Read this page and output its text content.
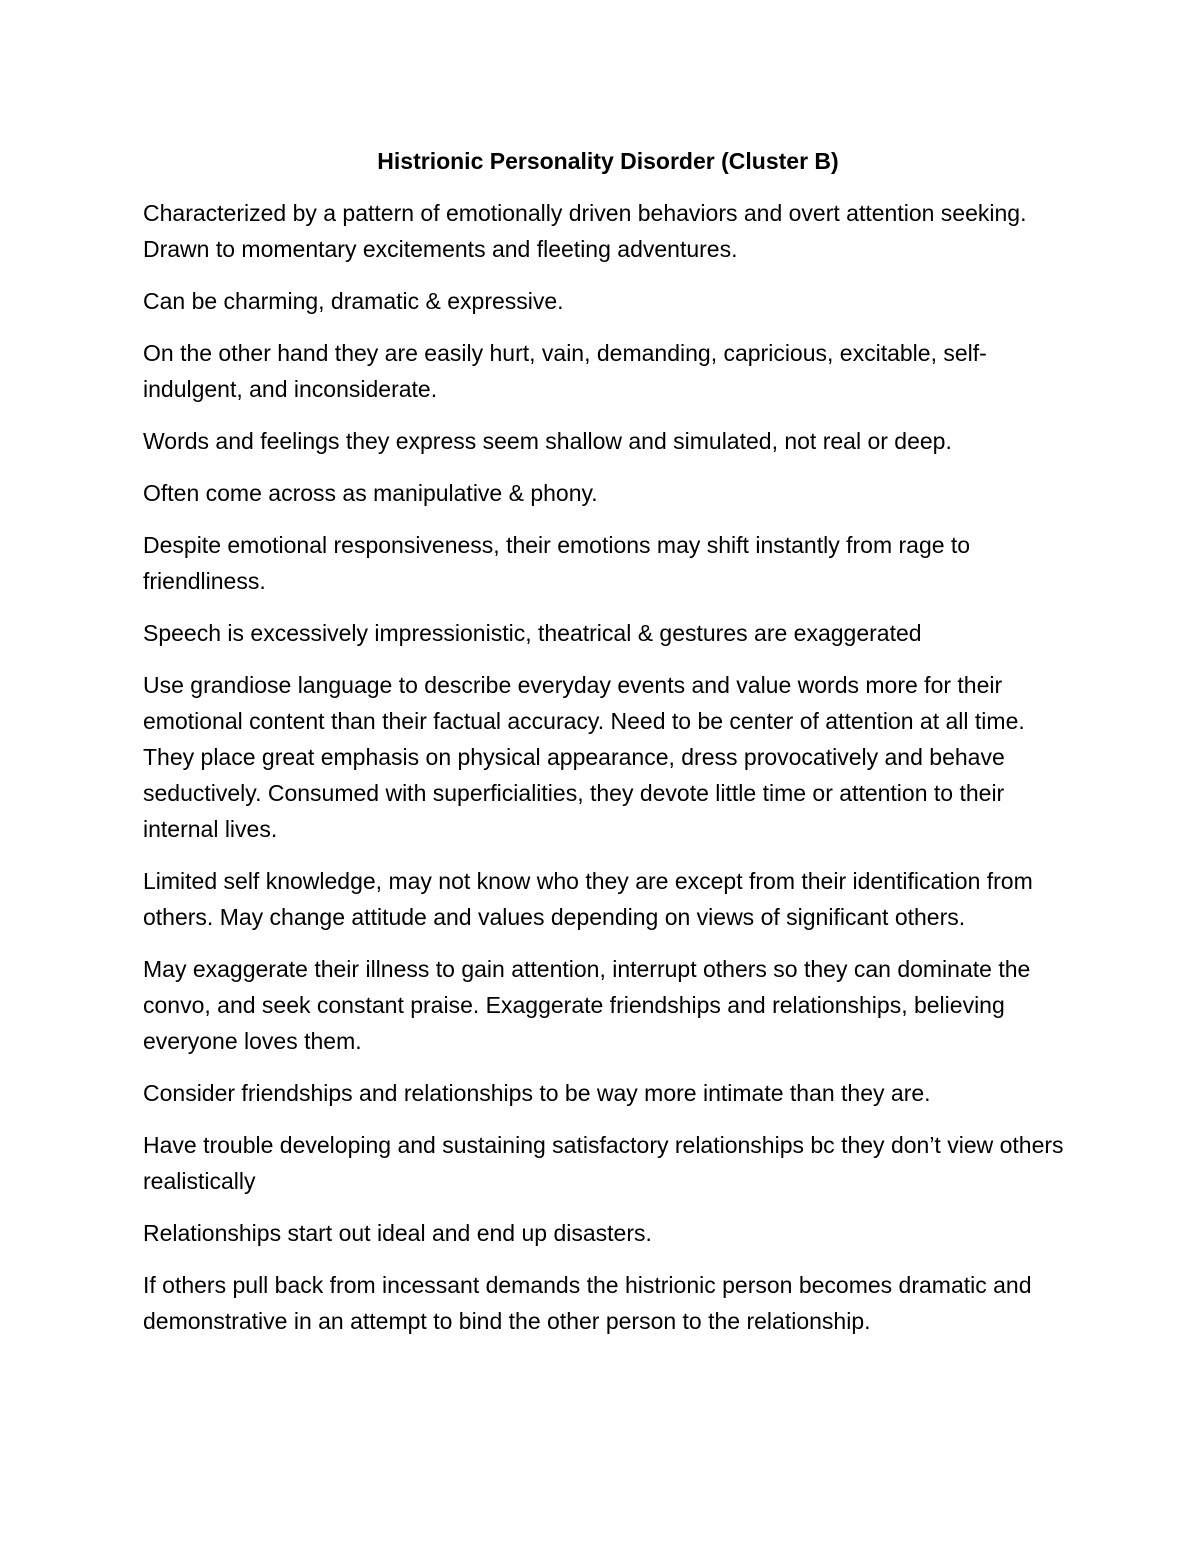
Histrionic Personality Disorder (Cluster B)

Characterized by a pattern of emotionally driven behaviors and overt attention seeking. Drawn to momentary excitements and fleeting adventures.

Can be charming, dramatic & expressive.

On the other hand they are easily hurt, vain, demanding, capricious, excitable, self-indulgent, and inconsiderate.

Words and feelings they express seem shallow and simulated, not real or deep.

Often come across as manipulative & phony.

Despite emotional responsiveness, their emotions may shift instantly from rage to friendliness.

Speech is excessively impressionistic, theatrical & gestures are exaggerated

Use grandiose language to describe everyday events and value words more for their emotional content than their factual accuracy. Need to be center of attention at all time. They place great emphasis on physical appearance, dress provocatively and behave seductively. Consumed with superficialities, they devote little time or attention to their internal lives.

Limited self knowledge, may not know who they are except from their identification from others. May change attitude and values depending on views of significant others.

May exaggerate their illness to gain attention, interrupt others so they can dominate the convo, and seek constant praise. Exaggerate friendships and relationships, believing everyone loves them.

Consider friendships and relationships to be way more intimate than they are.

Have trouble developing and sustaining satisfactory relationships bc they don’t view others realistically

Relationships start out ideal and end up disasters.

If others pull back from incessant demands the histrionic person becomes dramatic and demonstrative in an attempt to bind the other person to the relationship.
